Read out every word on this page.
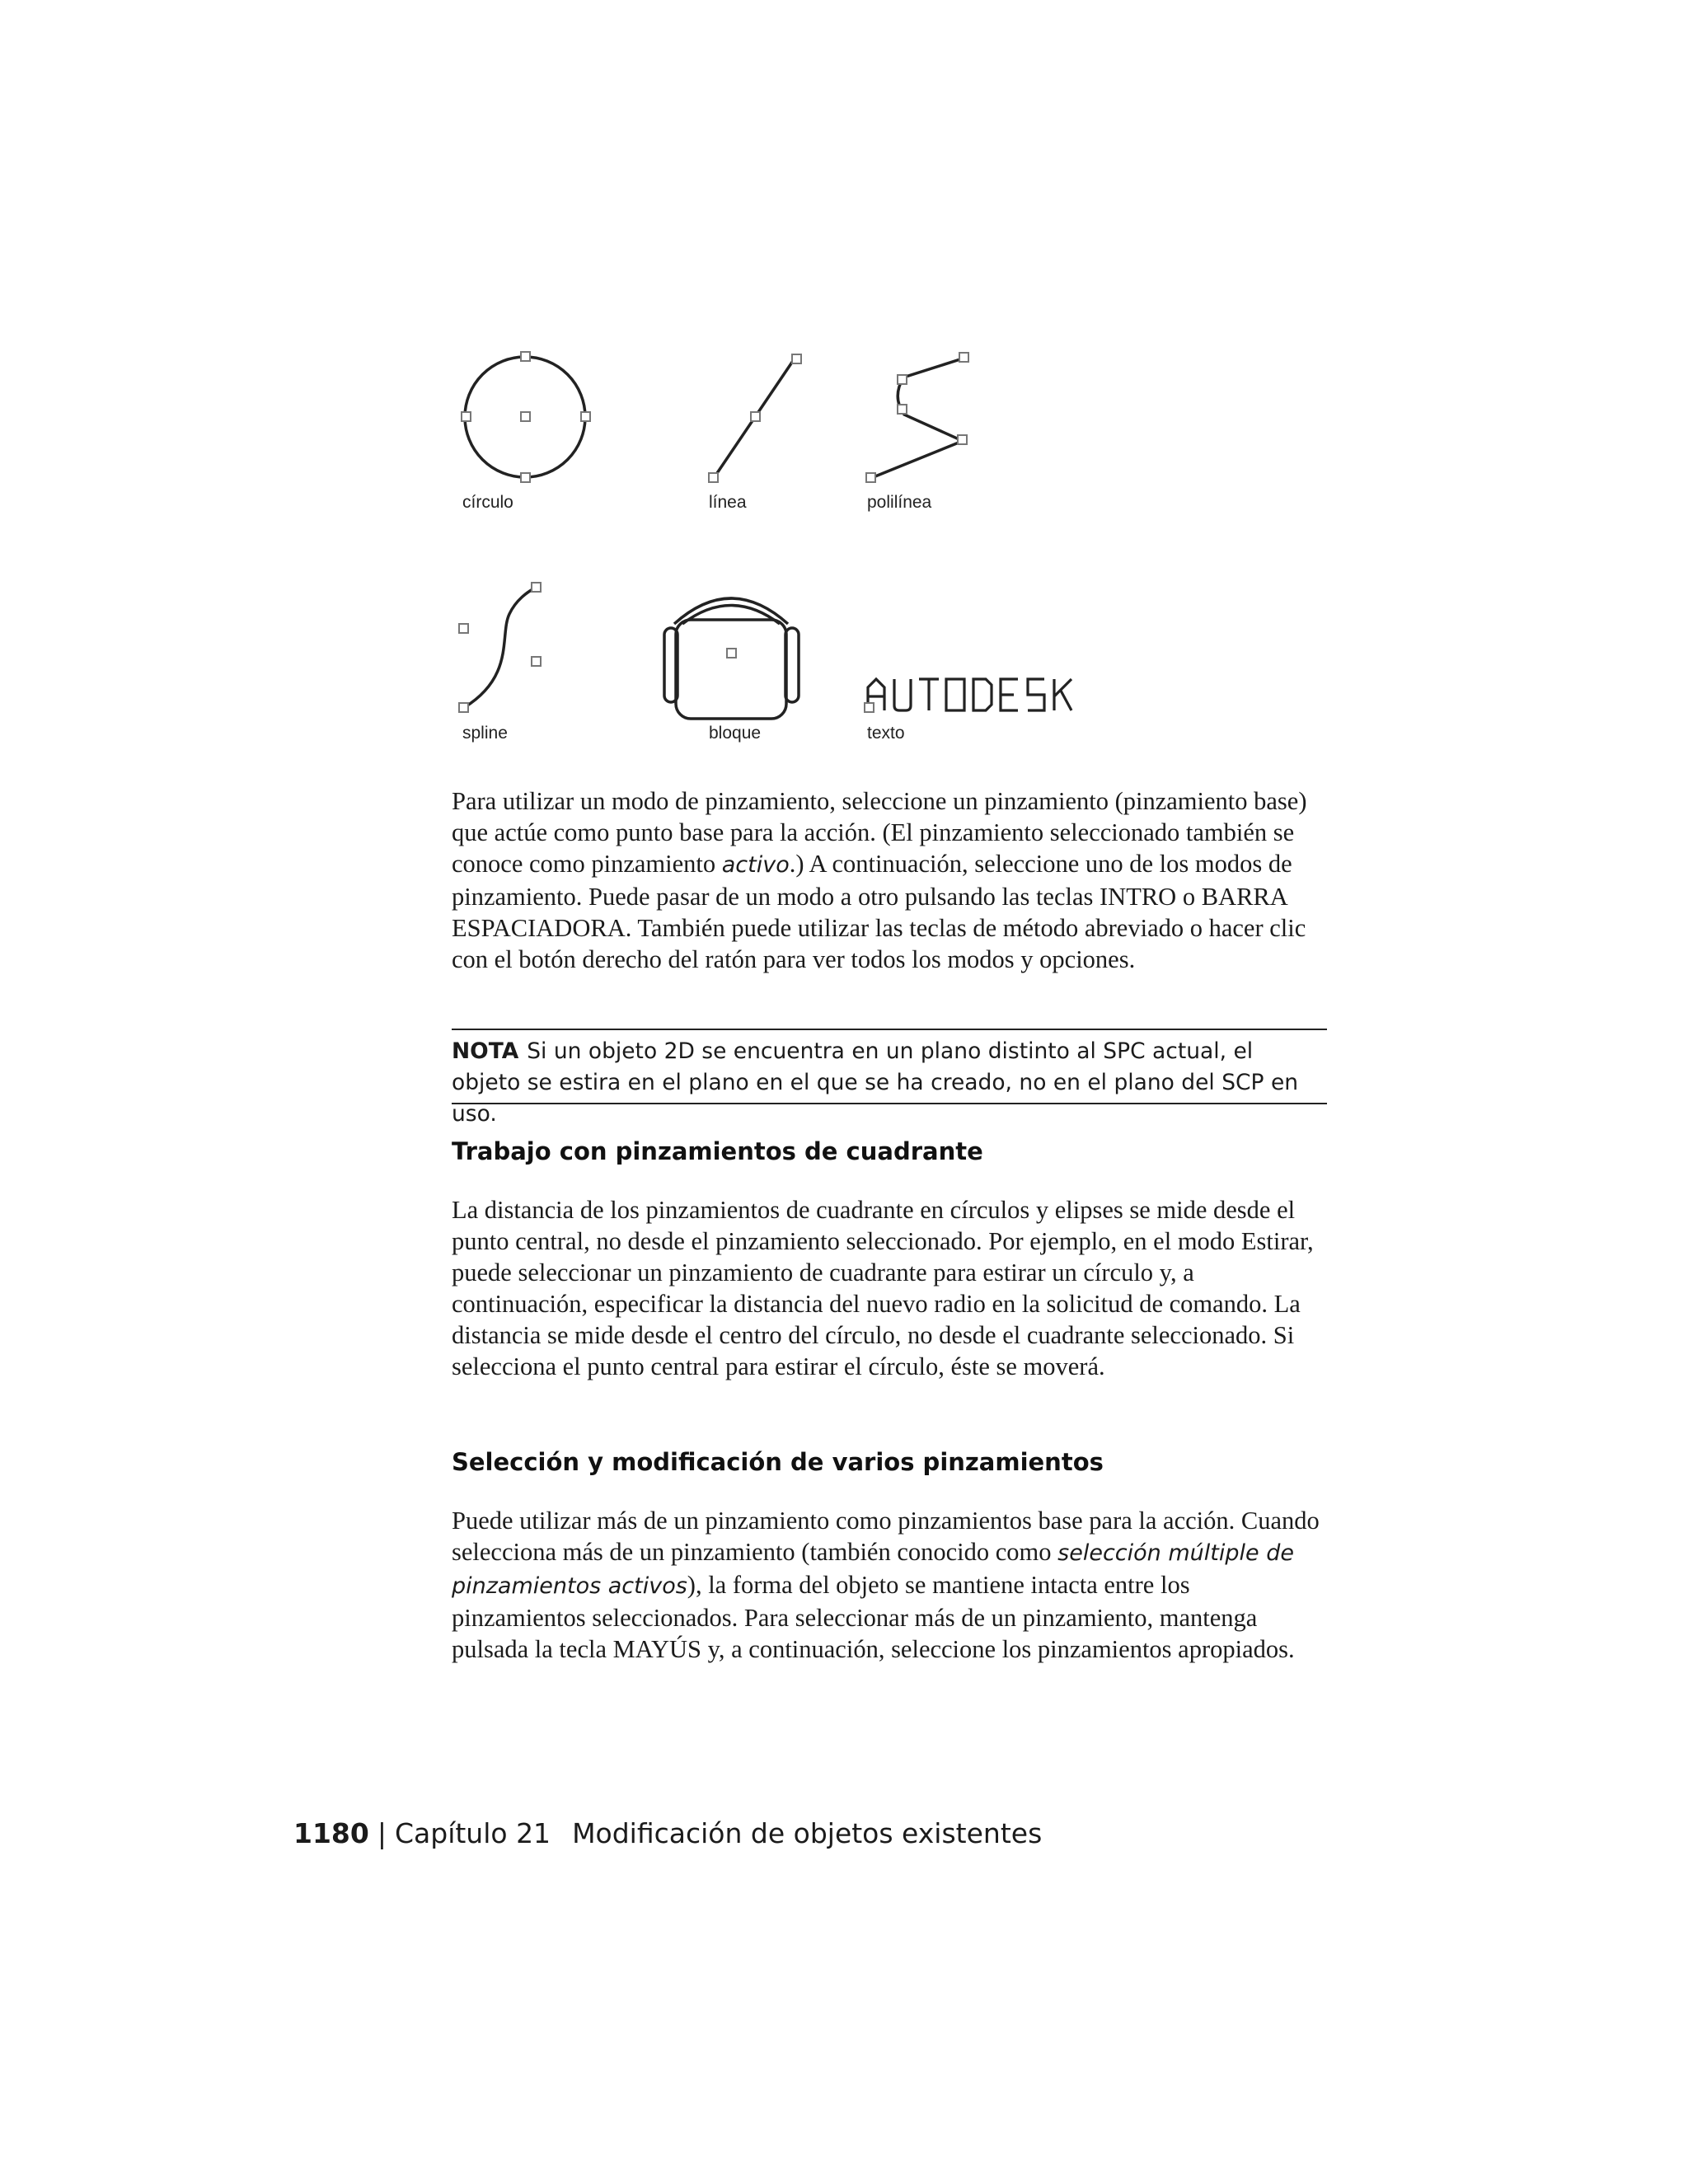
círculo	línea	polilínea
spline	bloque	texto

Para utilizar un modo de pinzamiento, seleccione un pinzamiento (pinzamiento base) que actúe como punto base para la acción. (El pinzamiento seleccionado también se conoce como pinzamiento activo.) A continuación, seleccione uno de los modos de pinzamiento. Puede pasar de un modo a otro pulsando las teclas INTRO o BARRA ESPACIADORA. También puede utilizar las teclas de método abreviado o hacer clic con el botón derecho del ratón para ver todos los modos y opciones.

NOTA Si un objeto 2D se encuentra en un plano distinto al SPC actual, el objeto se estira en el plano en el que se ha creado, no en el plano del SCP en uso.

Trabajo con pinzamientos de cuadrante

La distancia de los pinzamientos de cuadrante en círculos y elipses se mide desde el punto central, no desde el pinzamiento seleccionado. Por ejemplo, en el modo Estirar, puede seleccionar un pinzamiento de cuadrante para estirar un círculo y, a continuación, especificar la distancia del nuevo radio en la solicitud de comando. La distancia se mide desde el centro del círculo, no desde el cuadrante seleccionado. Si selecciona el punto central para estirar el círculo, éste se moverá.

Selección y modificación de varios pinzamientos

Puede utilizar más de un pinzamiento como pinzamientos base para la acción. Cuando selecciona más de un pinzamiento (también conocido como selección múltiple de pinzamientos activos), la forma del objeto se mantiene intacta entre los pinzamientos seleccionados. Para seleccionar más de un pinzamiento, mantenga pulsada la tecla MAYÚS y, a continuación, seleccione los pinzamientos apropiados.

1180 | Capítulo 21 Modificación de objetos existentes
